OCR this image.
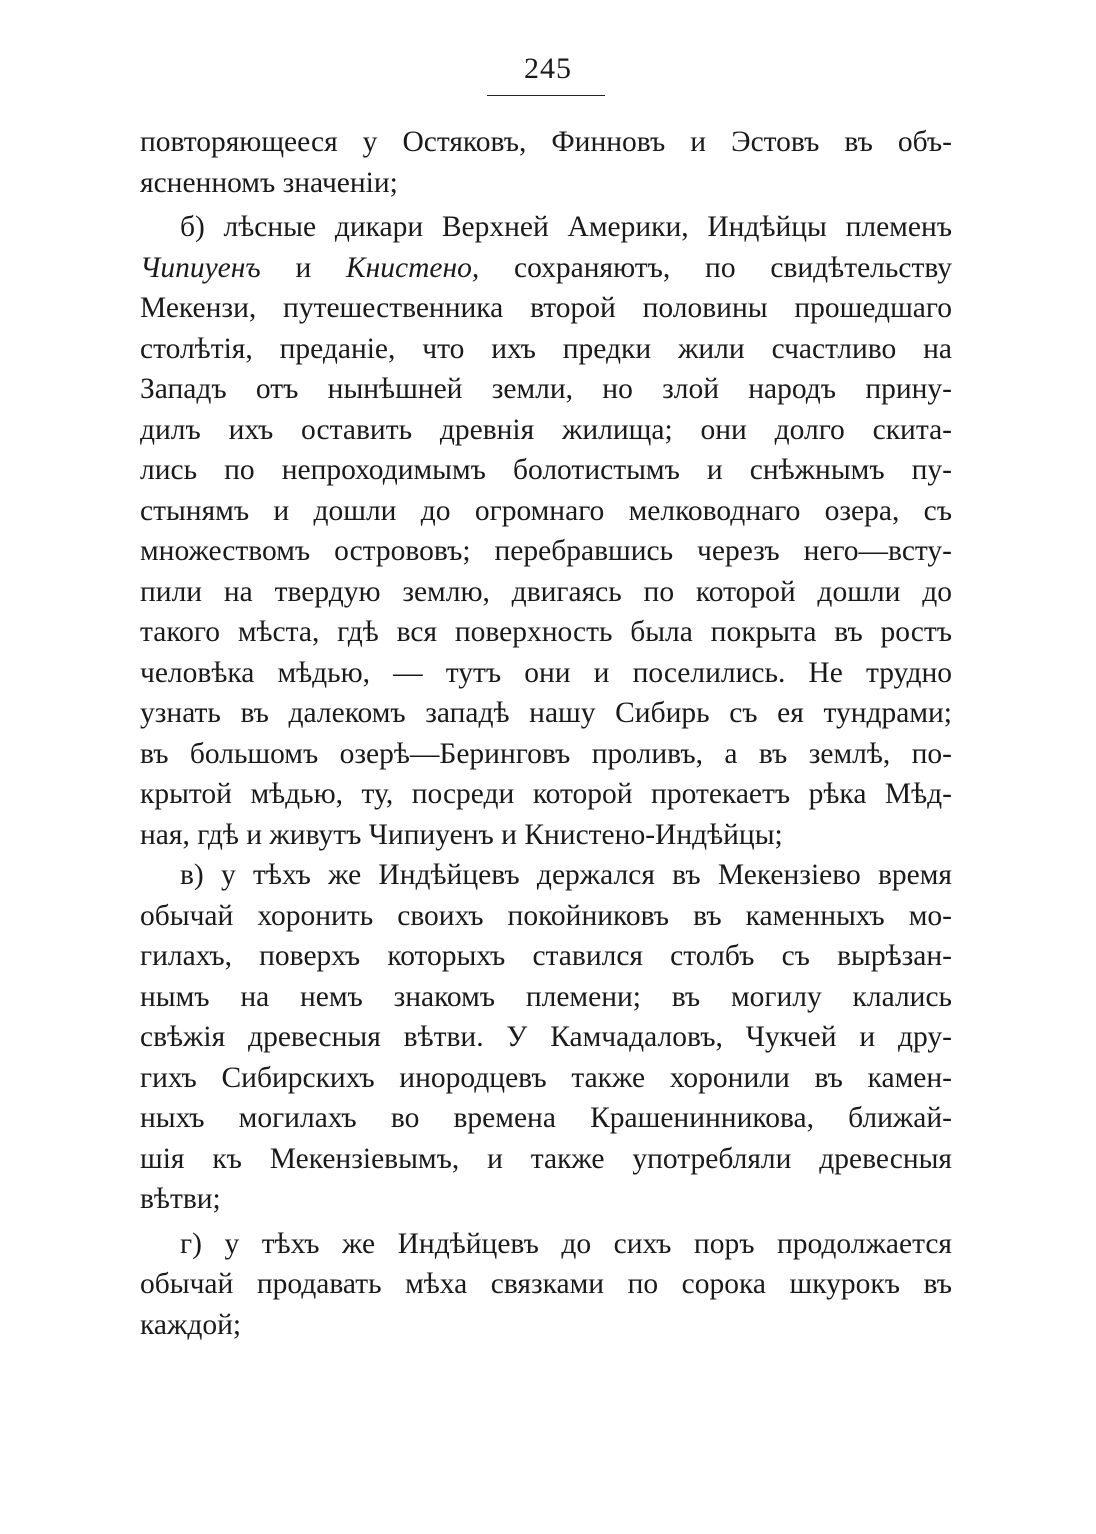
245
повторяющееся у Остяковъ, Финновъ и Эстовъ въ объ-
ясненномъ значенiи;
б) лѣсные дикари Верхней Америки, Индѣйцы племенъ
Чипиуенъ и Книстено, сохраняютъ, по свидѣтельству
Мекензи, путешественника второй половины прошедшаго
столѣтiя, преданiе, что ихъ предки жили счастливо на
Западъ отъ нынѣшней земли, но злой народъ прину-
дилъ ихъ оставить древнiя жилища; они долго скита-
лись по непроходимымъ болотистымъ и снѣжнымъ пу-
стынямъ и дошли до огромнаго мелководнаго озера, съ
множествомъ острововъ; перебравшись черезъ него—всту-
пили на твердую землю, двигаясь по которой дошли до
такого мѣста, гдѣ вся поверхность была покрыта въ ростъ
человѣка мѣдью, — тутъ они и поселились. Не трудно
узнать въ далекомъ западѣ нашу Сибирь съ ея тундрами;
въ большомъ озерѣ—Беринговъ проливъ, а въ землѣ, по-
крытой мѣдью, ту, посреди которой протекаетъ рѣка Мѣд-
ная, гдѣ и живутъ Чипиуенъ и Книстено-Индѣйцы;
в) у тѣхъ же Индѣйцевъ держался въ Мекензiево время
обычай хоронить своихъ покойниковъ въ каменныхъ мо-
гилахъ, поверхъ которыхъ ставился столбъ съ вырѣзан-
нымъ на немъ знакомъ племени; въ могилу клались
свѣжiя древесныя вѣтви. У Камчадаловъ, Чукчей и дру-
гихъ Сибирскихъ инородцевъ также хоронили въ камен-
ныхъ могилахъ во времена Крашенинникова, ближай-
шiя къ Мекензiевымъ, и также употребляли древесныя
вѣтви;
г) у тѣхъ же Индѣйцевъ до сихъ поръ продолжается
обычай продавать мѣха связками по сорока шкурокъ въ
каждой;
